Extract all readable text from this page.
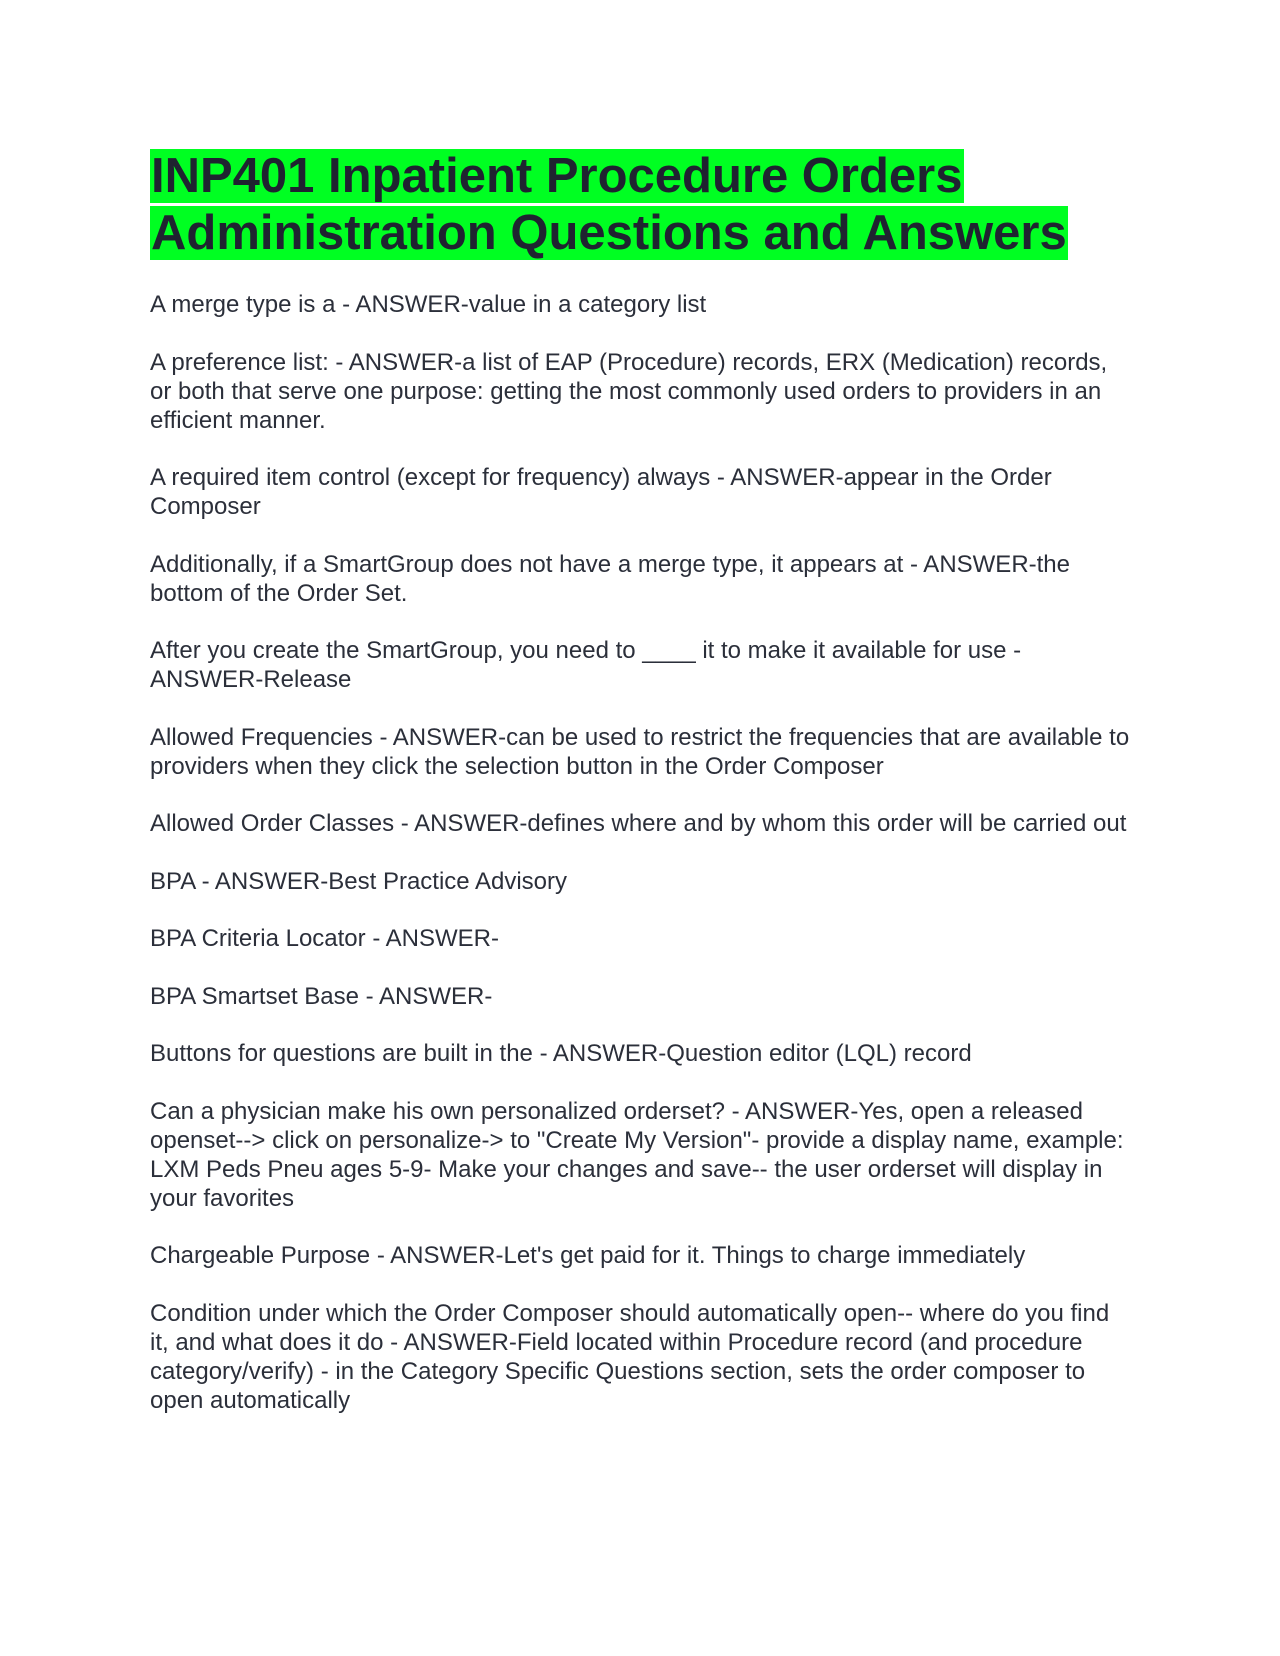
INP401 Inpatient Procedure Orders
Administration Questions and Answers

A merge type is a - ANSWER-value in a category list

A preference list: - ANSWER-a list of EAP (Procedure) records, ERX (Medication) records, or both that serve one purpose: getting the most commonly used orders to providers in an efficient manner.

A required item control (except for frequency) always - ANSWER-appear in the Order Composer

Additionally, if a SmartGroup does not have a merge type, it appears at - ANSWER-the bottom of the Order Set.

After you create the SmartGroup, you need to ____ it to make it available for use - ANSWER-Release

Allowed Frequencies - ANSWER-can be used to restrict the frequencies that are available to providers when they click the selection button in the Order Composer

Allowed Order Classes - ANSWER-defines where and by whom this order will be carried out

BPA - ANSWER-Best Practice Advisory

BPA Criteria Locator - ANSWER-

BPA Smartset Base - ANSWER-

Buttons for questions are built in the - ANSWER-Question editor (LQL) record

Can a physician make his own personalized orderset? - ANSWER-Yes, open a released openset--> click on personalize-> to "Create My Version"- provide a display name, example: LXM Peds Pneu ages 5-9- Make your changes and save-- the user orderset will display in your favorites

Chargeable Purpose - ANSWER-Let's get paid for it. Things to charge immediately

Condition under which the Order Composer should automatically open-- where do you find it, and what does it do - ANSWER-Field located within Procedure record (and procedure category/verify) - in the Category Specific Questions section, sets the order composer to open automatically
